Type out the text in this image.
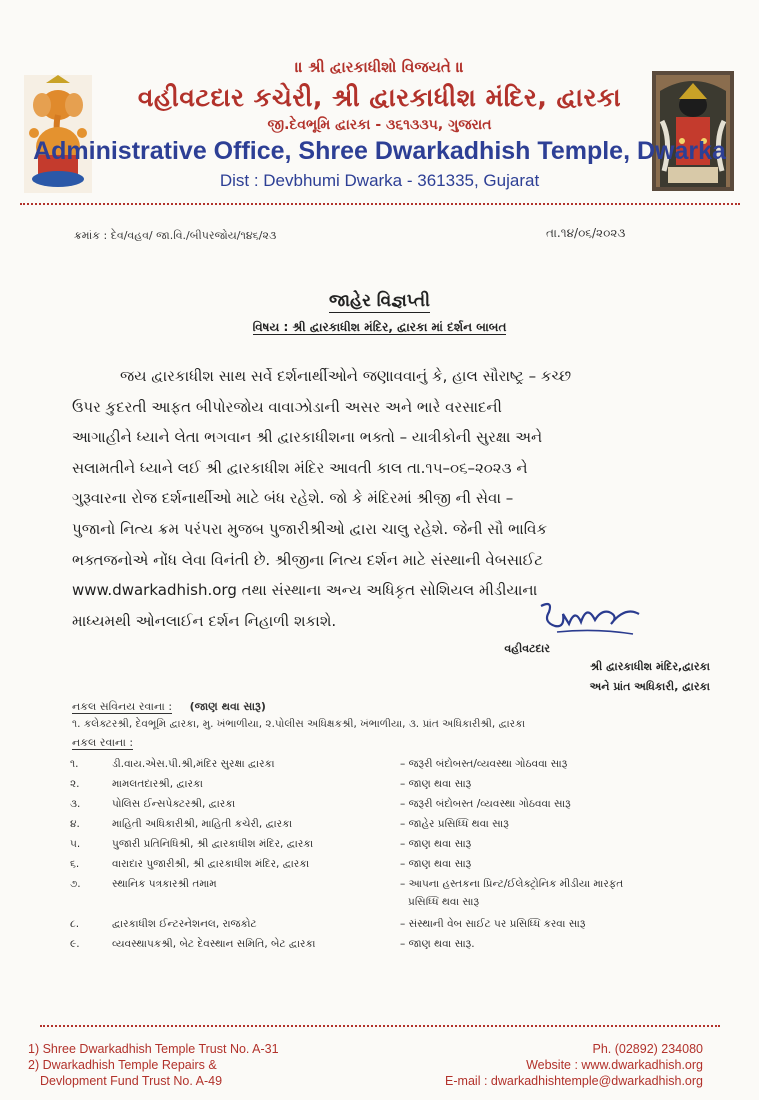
॥ શ્રી દ્વારકાધીશો વિજયતે ॥
વહીવટદાર કચેરી, શ્રી દ્વારકાધીશ મંદિર, દ્વારકા
જી.દેવભૂમિ દ્વારકા - ૩૬૧૩૩૫, ગુજરાત
Administrative Office, Shree Dwarkadhish Temple, Dwarka
Dist : Devbhumi Dwarka - 361335, Gujarat
ક્રમાંક : દેવ/વહવ/ જા.વિ./બીપરજોય/૧૪૬/૨૩	તા.૧૪/૦૬/૨૦૨૩
જાહેર વિજ્ઞપ્તી
વિષય : શ્રી દ્વારકાધીશ મંદિર, દ્વારકા માં દર્શન બાબત

જય દ્વારકાધીશ સાથ સર્વે દર્શનાર્થીઓને જણાવવાનું કે, હાલ સૌરાષ્ટ્ર – કચ્છ

ઉપર કુદરતી આફત બીપોરજોય વાવાઝોડાની અસર અને ભારે વરસાદની

આગાહીને ધ્યાને લેતા ભગવાન શ્રી દ્વારકાધીશના ભક્તો – યાત્રીકોની સુરક્ષા અને

સલામતીને ધ્યાને લઈ શ્રી દ્વારકાધીશ મંદિર આવતી કાલ તા.૧૫–૦૬–૨૦૨૩ ને

ગુરૂવારના રોજ દર્શનાર્થીઓ માટે બંધ રહેશે. જો કે મંદિરમાં શ્રીજી ની સેવા –

પુજાનો નિત્ય ક્રમ પરંપરા મુજબ પુજારીશ્રીઓ દ્વારા ચાલુ રહેશે. જેની સૌ ભાવિક

ભક્તજનોએ નોંધ લેવા વિનંતી છે. શ્રીજીના નિત્ય દર્શન માટે સંસ્થાની વેબસાઈટ

www.dwarkadhish.org તથા સંસ્થાના અન્ય અધિકૃત સોશિયલ મીડીયાના

માધ્યમથી ઓનલાઈન દર્શન નિહાળી શકાશે.

વહીવટદાર
શ્રી દ્વારકાધીશ મંદિર,દ્વારકા
અને પ્રાંત અધિકારી, દ્વારકા
નકલ સવિનય રવાના : (જાણ થવા સારૂ)
૧. કલેક્ટરશ્રી, દેવભૂમિ દ્વારકા, મુ. ખંભાળીયા, ૨.પોલીસ અધિક્ષકશ્રી, ખંભાળીયા, ૩. પ્રાંત અધિકારીશ્રી, દ્વારકા
નકલ રવાના :
૧.	ડી.વાય.એસ.પી.શ્રી,મંદિર સુરક્ષા દ્વારકા	– જરૂરી બંદોબસ્ત/વ્યવસ્થા ગોઠવવા સારૂ
૨.	મામલતદારશ્રી, દ્વારકા	– જાણ થવા સારૂ
૩.	પોલિસ ઈન્સપેક્ટરશ્રી, દ્વારકા	– જરૂરી બંદોબસ્ત /વ્યવસ્થા ગોઠવવા સારૂ
૪.	માહિતી અધિકારીશ્રી, માહિતી કચેરી, દ્વારકા	– જાહેર પ્રસિધ્ધિ થવા સારૂ
૫.	પુજારી પ્રતિનિધિશ્રી, શ્રી દ્વારકાધીશ મંદિર, દ્વારકા	– જાણ થવા સારૂ
૬.	વારાદાર પુજારીશ્રી, શ્રી દ્વારકાધીશ મંદિર, દ્વારકા	– જાણ થવા સારૂ
૭.	સ્થાનિક પત્રકારશ્રી તમામ	– આપના હસ્તકના પ્રિન્ટ/ઈલેક્ટ્રોનિક મીડીયા મારફત
પ્રસિધ્ધિ થવા સારૂ
૮.	દ્વારકાધીશ ઈન્ટરનેશનલ, રાજકોટ	– સંસ્થાની વેબ સાઈટ પર પ્રસિધ્ધિ કરવા સારૂ
૯.	વ્યવસ્થાપકશ્રી, બેટ દેવસ્થાન સમિતિ, બેટ દ્વારકા	– જાણ થવા સારૂ.
1) Shree Dwarkadhish Temple Trust No. A-31
2) Dwarkadhish Temple Repairs &
Devlopment Fund Trust No. A-49
Ph. (02892) 234080
Website : www.dwarkadhish.org
E-mail : dwarkadhishtemple@dwarkadhish.org
